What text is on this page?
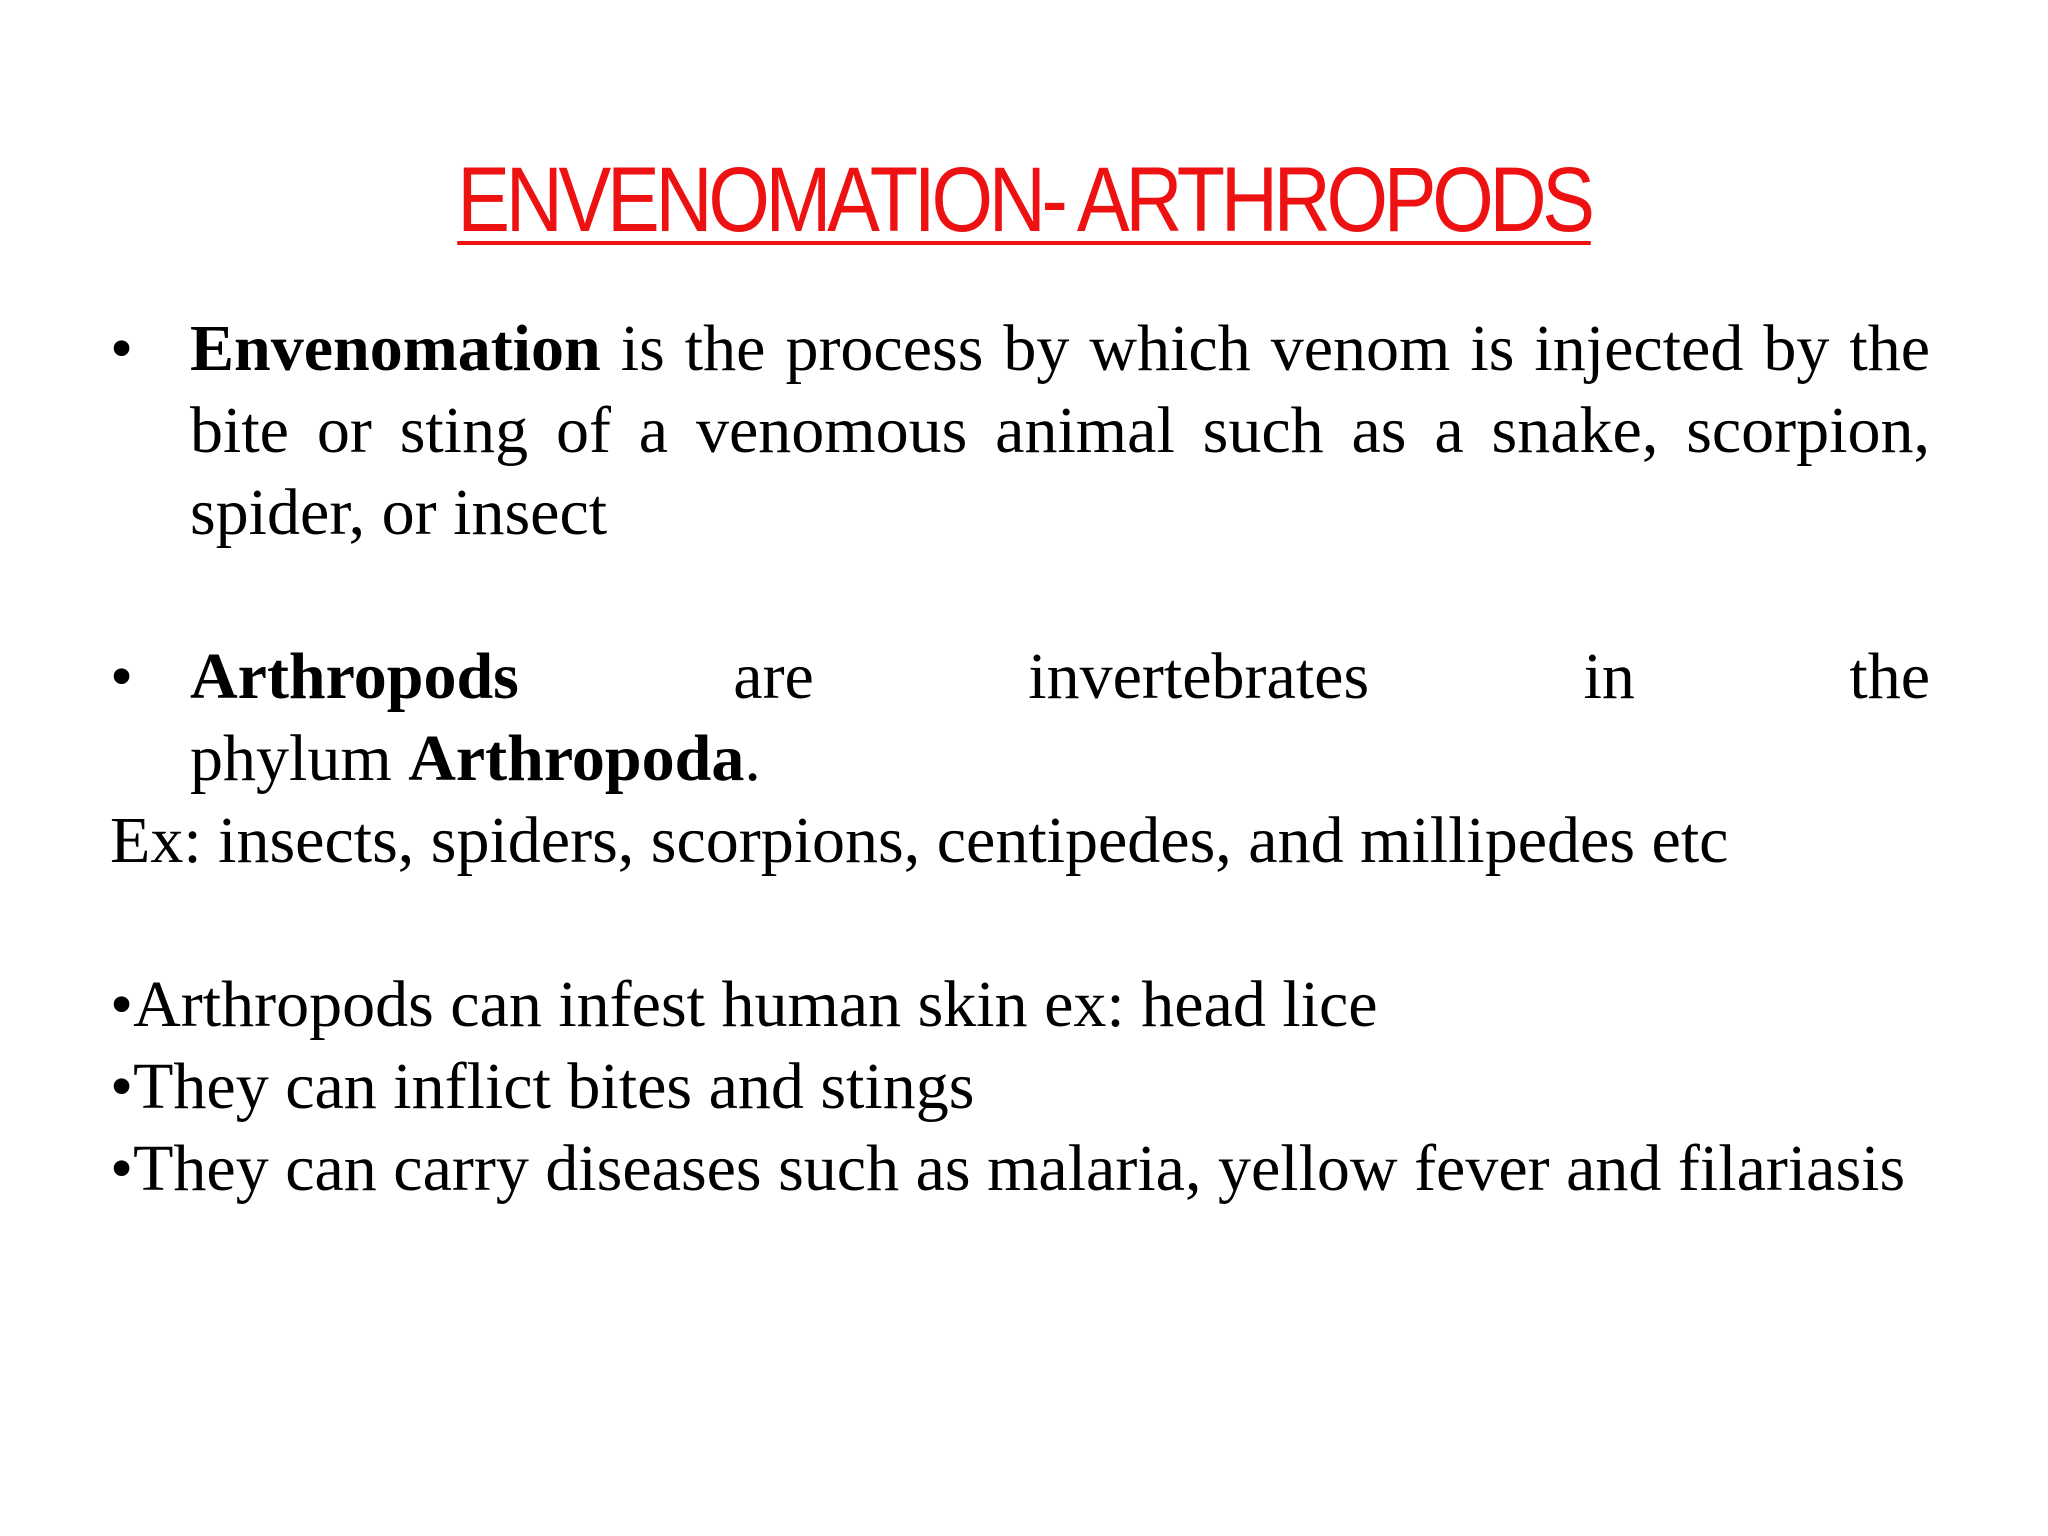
ENVENOMATION- ARTHROPODS
• Envenomation is the process by which venom is injected by the bite or sting of a venomous animal such as a snake, scorpion, spider, or insect
• Arthropods are invertebrates in the
phylum Arthropoda.
Ex: insects, spiders, scorpions, centipedes, and millipedes etc
•Arthropods can infest human skin ex: head lice
•They can inflict bites and stings
•They can carry diseases such as malaria, yellow fever and filariasis
